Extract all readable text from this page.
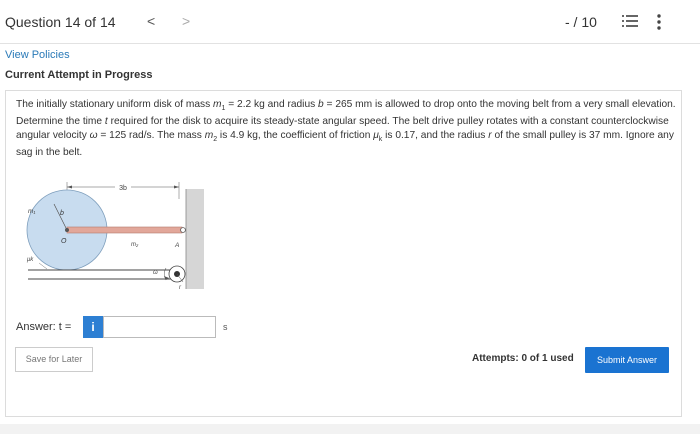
Question 14 of 14 < >	- / 10
View Policies
Current Attempt in Progress
The initially stationary uniform disk of mass $m_1 = 2.2$ kg and radius b = 265 mm is allowed to drop onto the moving belt from a very small elevation. Determine the time t required for the disk to acquire its steady-state angular speed. The belt drive pulley rotates with a constant counterclockwise angular velocity ω = 125 rad/s. The mass $m_2$ is 4.9 kg, the coefficient of friction $\mu_k$ is 0.17, and the radius r of the small pulley is 37 mm. Ignore any sag in the belt.
3b
b
O
m₁
m₂	A
μk
ω
r
Answer: t =	i	s
Save for Later	Attempts: 0 of 1 used	Submit Answer
